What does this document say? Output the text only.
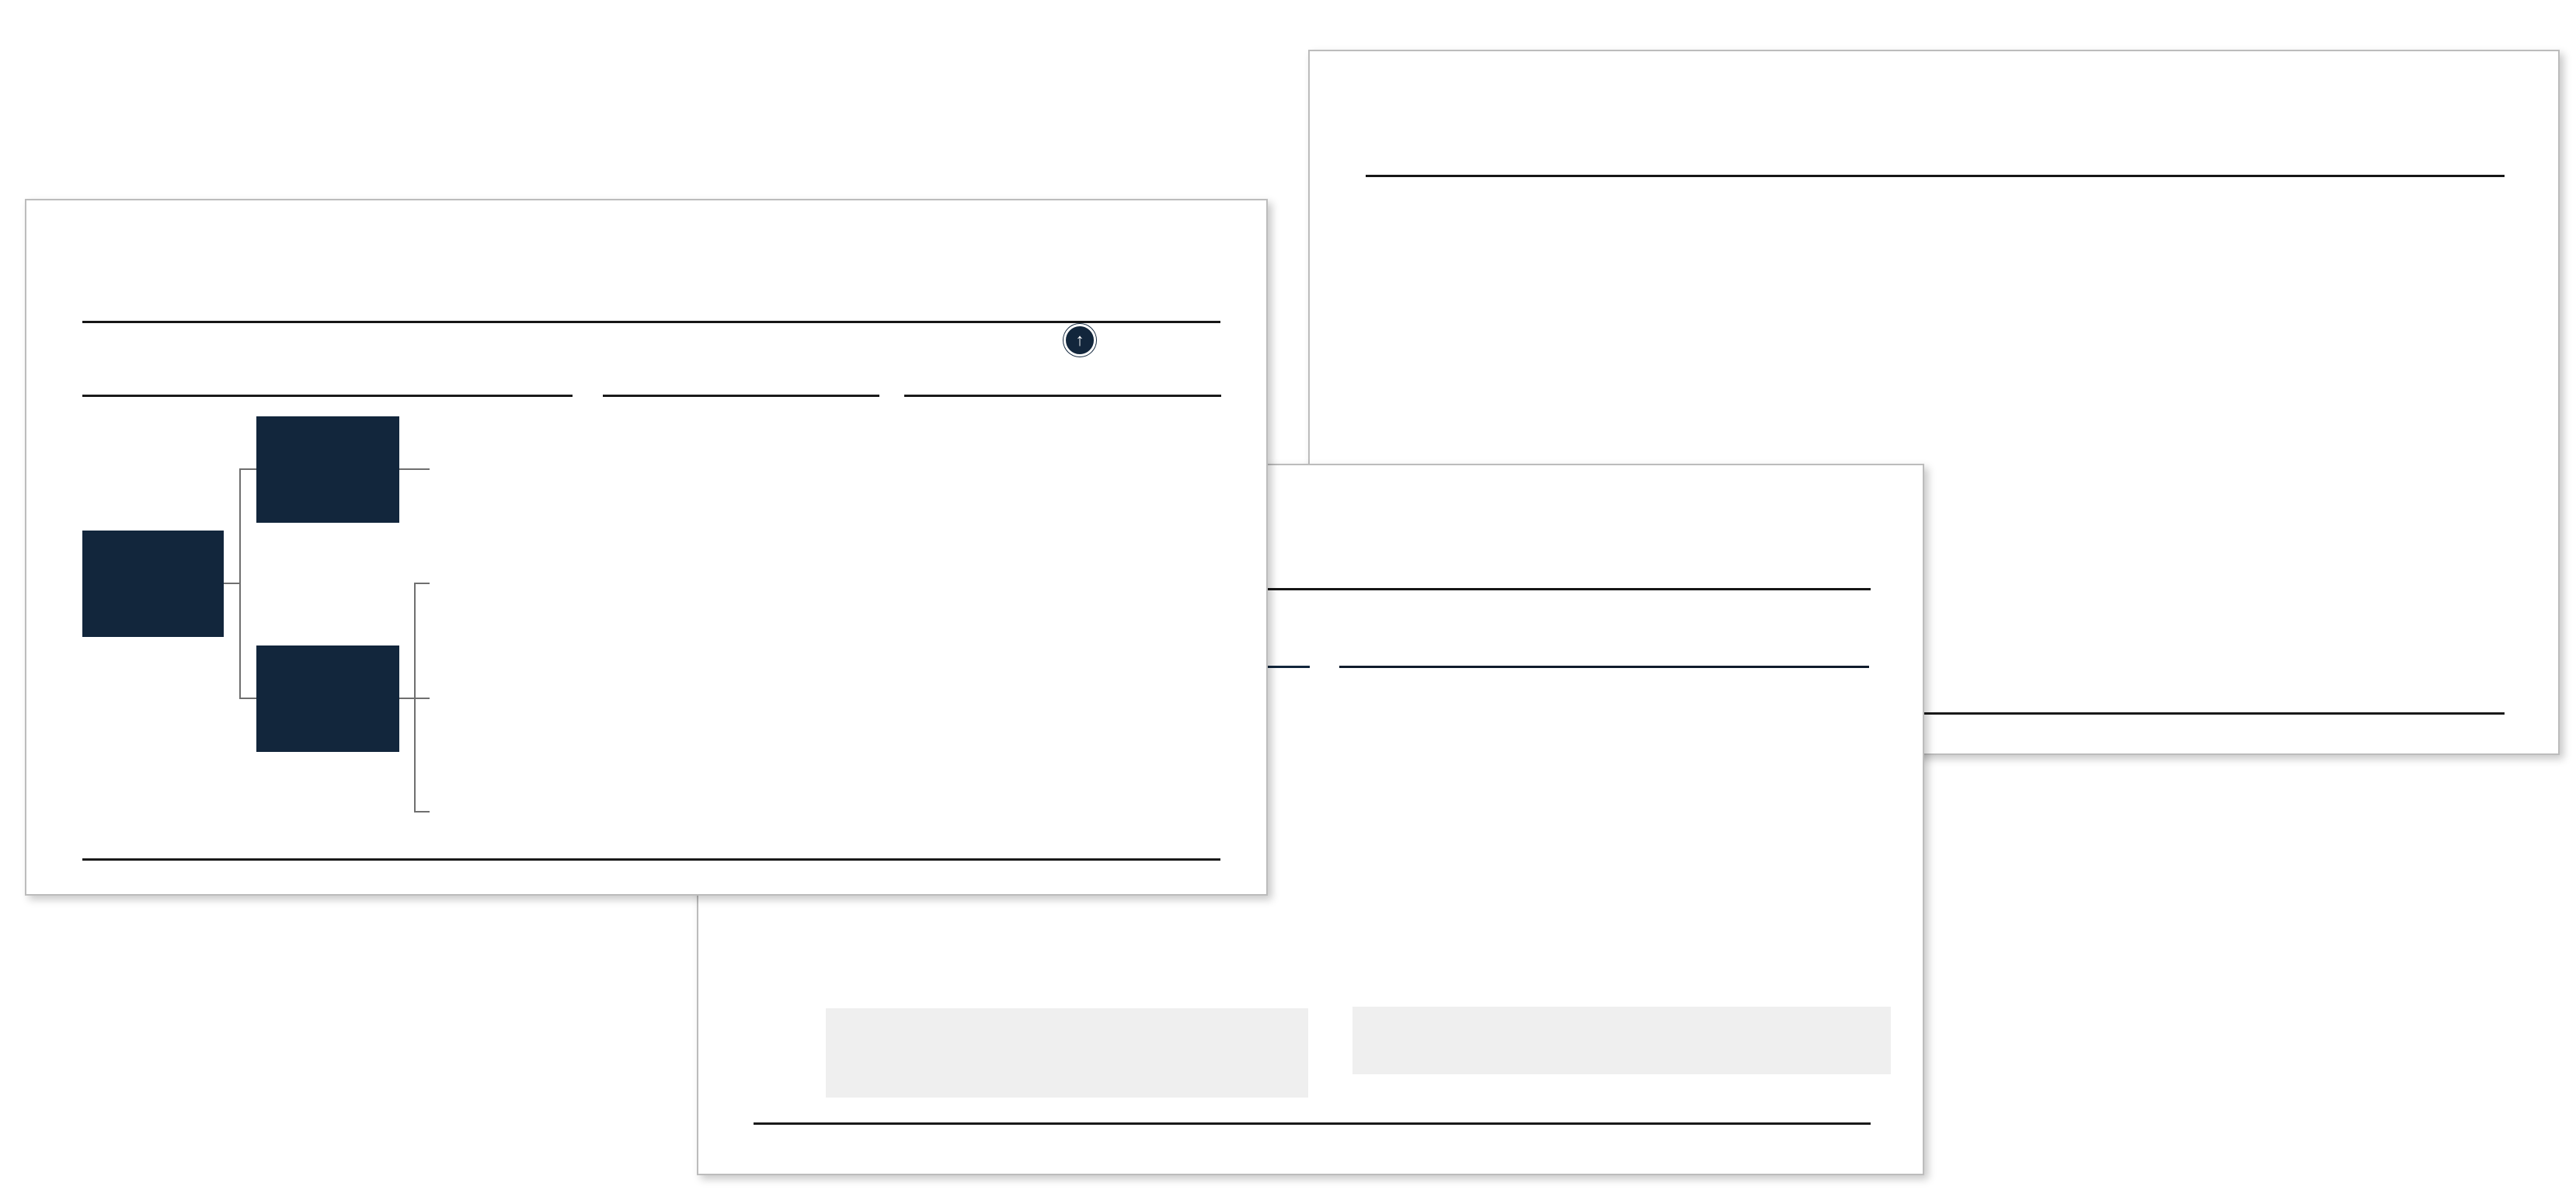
↑
